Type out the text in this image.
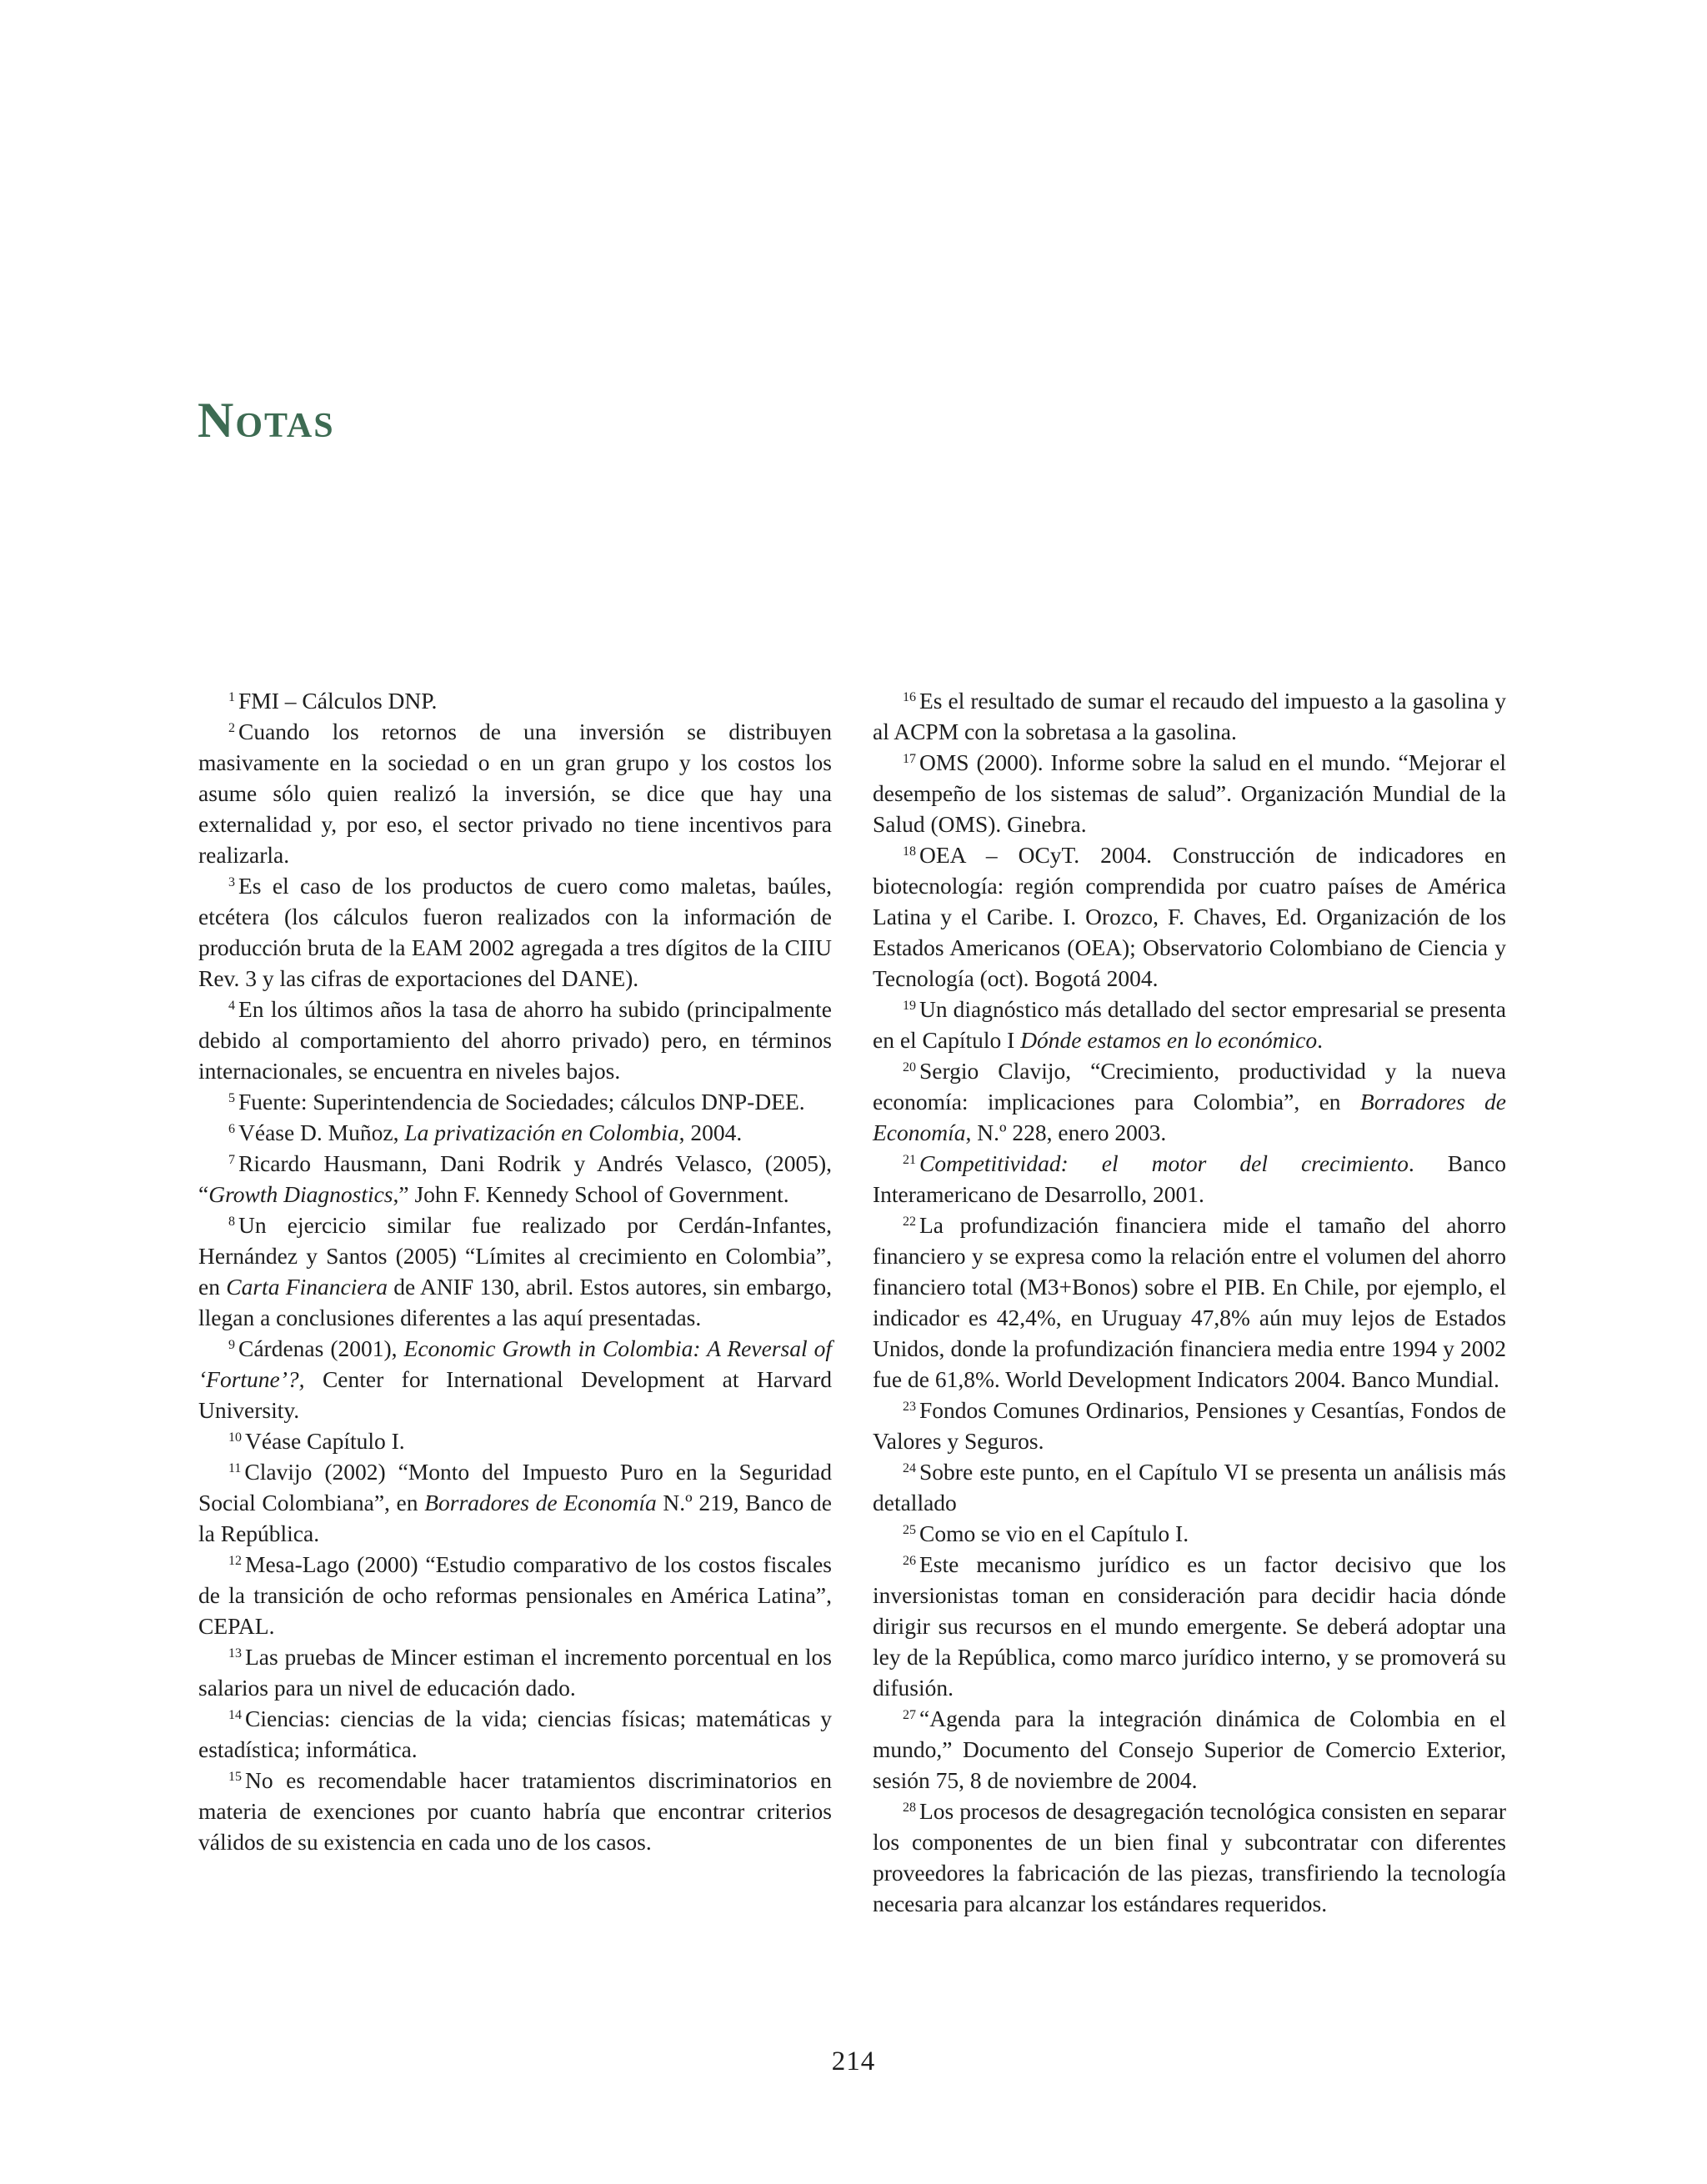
Notas

$^1$ FMI – Cálculos DNP.

$^2$ Cuando los retornos de una inversión se distribuyen masivamente en la sociedad o en un gran grupo y los costos los asume sólo quien realizó la inversión, se dice que hay una externalidad y, por eso, el sector privado no tiene incentivos para realizarla.

$^3$ Es el caso de los productos de cuero como maletas, baúles, etcétera (los cálculos fueron realizados con la información de producción bruta de la EAM 2002 agregada a tres dígitos de la CIIU Rev. 3 y las cifras de exportaciones del DANE).

$^4$ En los últimos años la tasa de ahorro ha subido (principalmente debido al comportamiento del ahorro privado) pero, en términos internacionales, se encuentra en niveles bajos.

$^5$ Fuente: Superintendencia de Sociedades; cálculos DNP-DEE.

$^6$ Véase D. Muñoz, La privatización en Colombia, 2004.

$^7$ Ricardo Hausmann, Dani Rodrik y Andrés Velasco, (2005), “Growth Diagnostics,” John F. Kennedy School of Government.

$^8$ Un ejercicio similar fue realizado por Cerdán-Infantes, Hernández y Santos (2005) “Límites al crecimiento en Colombia”, en Carta Financiera de ANIF 130, abril. Estos autores, sin embargo, llegan a conclusiones diferentes a las aquí presentadas.

$^9$ Cárdenas (2001), Economic Growth in Colombia: A Reversal of ‘Fortune’?, Center for International Development at Harvard University.

$^{10}$ Véase Capítulo I.

$^{11}$ Clavijo (2002) “Monto del Impuesto Puro en la Seguridad Social Colombiana”, en Borradores de Economía N.º 219, Banco de la República.

$^{12}$ Mesa-Lago (2000) “Estudio comparativo de los costos fiscales de la transición de ocho reformas pensionales en América Latina”, CEPAL.

$^{13}$ Las pruebas de Mincer estiman el incremento porcentual en los salarios para un nivel de educación dado.

$^{14}$ Ciencias: ciencias de la vida; ciencias físicas; matemáticas y estadística; informática.

$^{15}$ No es recomendable hacer tratamientos discriminatorios en materia de exenciones por cuanto habría que encontrar criterios válidos de su existencia en cada uno de los casos.

$^{16}$ Es el resultado de sumar el recaudo del impuesto a la gasolina y al ACPM con la sobretasa a la gasolina.

$^{17}$ OMS (2000). Informe sobre la salud en el mundo. “Mejorar el desempeño de los sistemas de salud”. Organización Mundial de la Salud (OMS). Ginebra.

$^{18}$ OEA – OCyT. 2004. Construcción de indicadores en biotecnología: región comprendida por cuatro países de América Latina y el Caribe. I. Orozco, F. Chaves, Ed. Organización de los Estados Americanos (OEA); Observatorio Colombiano de Ciencia y Tecnología (oct). Bogotá 2004.

$^{19}$ Un diagnóstico más detallado del sector empresarial se presenta en el Capítulo I Dónde estamos en lo económico.

$^{20}$ Sergio Clavijo, “Crecimiento, productividad y la nueva economía: implicaciones para Colombia”, en Borradores de Economía, N.º 228, enero 2003.

$^{21}$ Competitividad: el motor del crecimiento. Banco Interamericano de Desarrollo, 2001.

$^{22}$ La profundización financiera mide el tamaño del ahorro financiero y se expresa como la relación entre el volumen del ahorro financiero total (M3+Bonos) sobre el PIB. En Chile, por ejemplo, el indicador es 42,4%, en Uruguay 47,8% aún muy lejos de Estados Unidos, donde la profundización financiera media entre 1994 y 2002 fue de 61,8%. World Development Indicators 2004. Banco Mundial.

$^{23}$ Fondos Comunes Ordinarios, Pensiones y Cesantías, Fondos de Valores y Seguros.

$^{24}$ Sobre este punto, en el Capítulo VI se presenta un análisis más detallado

$^{25}$ Como se vio en el Capítulo I.

$^{26}$ Este mecanismo jurídico es un factor decisivo que los inversionistas toman en consideración para decidir hacia dónde dirigir sus recursos en el mundo emergente. Se deberá adoptar una ley de la República, como marco jurídico interno, y se promoverá su difusión.

$^{27}$ “Agenda para la integración dinámica de Colombia en el mundo,” Documento del Consejo Superior de Comercio Exterior, sesión 75, 8 de noviembre de 2004.

$^{28}$ Los procesos de desagregación tecnológica consisten en separar los componentes de un bien final y subcontratar con diferentes proveedores la fabricación de las piezas, transfiriendo la tecnología necesaria para alcanzar los estándares requeridos.

214
